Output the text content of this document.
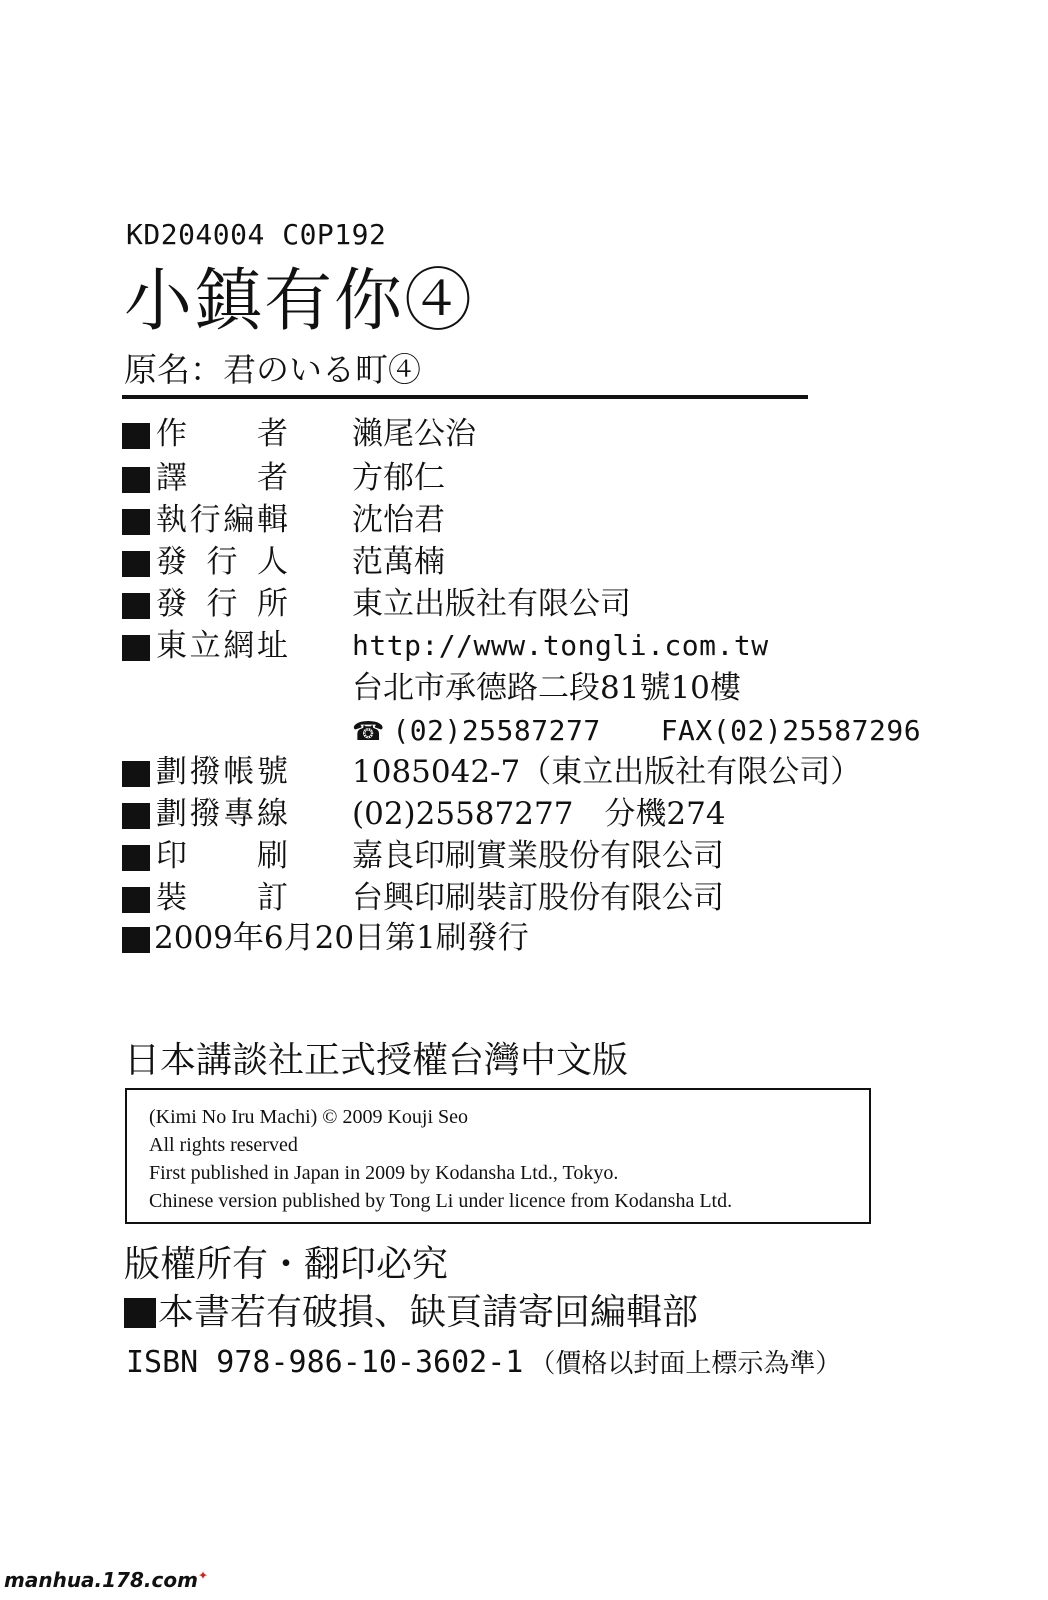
KD204004 C0P192
小鎮有你④
原名：君のいる町④
作　者 瀨尾公治
譯　者 方郁仁
執行編輯 沈怡君
發行人 范萬楠
發行所 東立出版社有限公司
東立網址 http://www.tongli.com.tw
台北市承德路二段81號10樓
☎ (02)25587277 FAX(02)25587296
劃撥帳號 1085042-7（東立出版社有限公司）
劃撥專線 (02)25587277　分機274
印　刷 嘉良印刷實業股份有限公司
裝　訂 台興印刷裝訂股份有限公司
2009年6月20日第1刷發行
日本講談社正式授權台灣中文版
(Kimi No Iru Machi) © 2009 Kouji Seo
All rights reserved
First published in Japan in 2009 by Kodansha Ltd., Tokyo.
Chinese version published by Tong Li under licence from Kodansha Ltd.
版權所有・翻印必究
本書若有破損、缺頁請寄回編輯部
ISBN 978-986-10-3602-1 （價格以封面上標示為準）
manhua.178.com✦
